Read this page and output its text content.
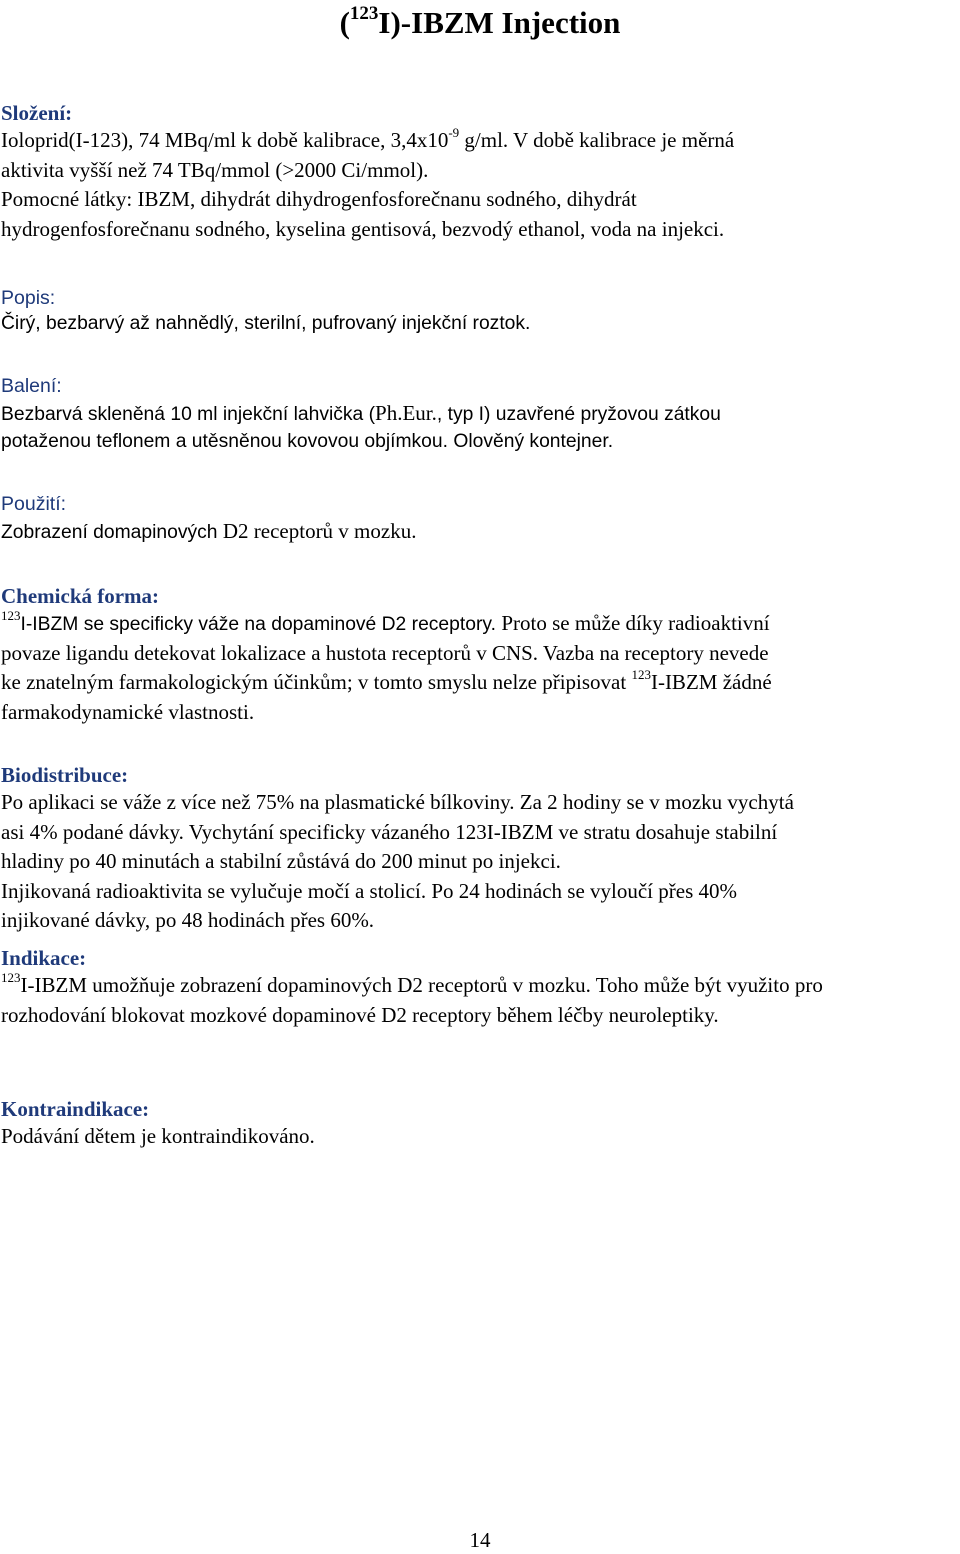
($^{123}$I)-IBZM Injection
Složení:
Ioloprid(I-123), 74 MBq/ml k době kalibrace, $3,4x10^{-9}$ g/ml. V době kalibrace je měrná
aktivita vyšší než 74 TBq/mmol (>2000 Ci/mmol).
Pomocné látky: IBZM, dihydrát dihydrogenfosforečnanu sodného, dihydrát
hydrogenfosforečnanu sodného, kyselina gentisová, bezvodý ethanol, voda na injekci.
Popis:
Čirý, bezbarvý až nahnědlý, sterilní, pufrovaný injekční roztok.
Balení:
Bezbarvá skleněná 10 ml injekční lahvička (Ph.Eur., typ I) uzavřené pryžovou zátkou
potaženou teflonem a utěsněnou kovovou objímkou. Olověný kontejner.
Použití:
Zobrazení domapinových D2 receptorů v mozku.
Chemická forma:
$^{123}$I-IBZM se specificky váže na dopaminové D2 receptory. Proto se může díky radioaktivní
povaze ligandu detekovat lokalizace a hustota receptorů v CNS. Vazba na receptory nevede
ke znatelným farmakologickým účinkům; v tomto smyslu nelze připisovat $^{123}$I-IBZM žádné
farmakodynamické vlastnosti.
Biodistribuce:
Po aplikaci se váže z více než 75% na plasmatické bílkoviny. Za 2 hodiny se v mozku vychytá
asi 4% podané dávky. Vychytání specificky vázaného 123I-IBZM ve stratu dosahuje stabilní
hladiny po 40 minutách a stabilní zůstává do 200 minut po injekci.
Injikovaná radioaktivita se vylučuje močí a stolicí. Po 24 hodinách se vyloučí přes 40%
injikované dávky, po 48 hodinách přes 60%.
Indikace:
$^{123}$I-IBZM umožňuje zobrazení dopaminových D2 receptorů v mozku. Toho může být využito pro
rozhodování blokovat mozkové dopaminové D2 receptory během léčby neuroleptiky.
Kontraindikace:
Podávání dětem je kontraindikováno.
14
